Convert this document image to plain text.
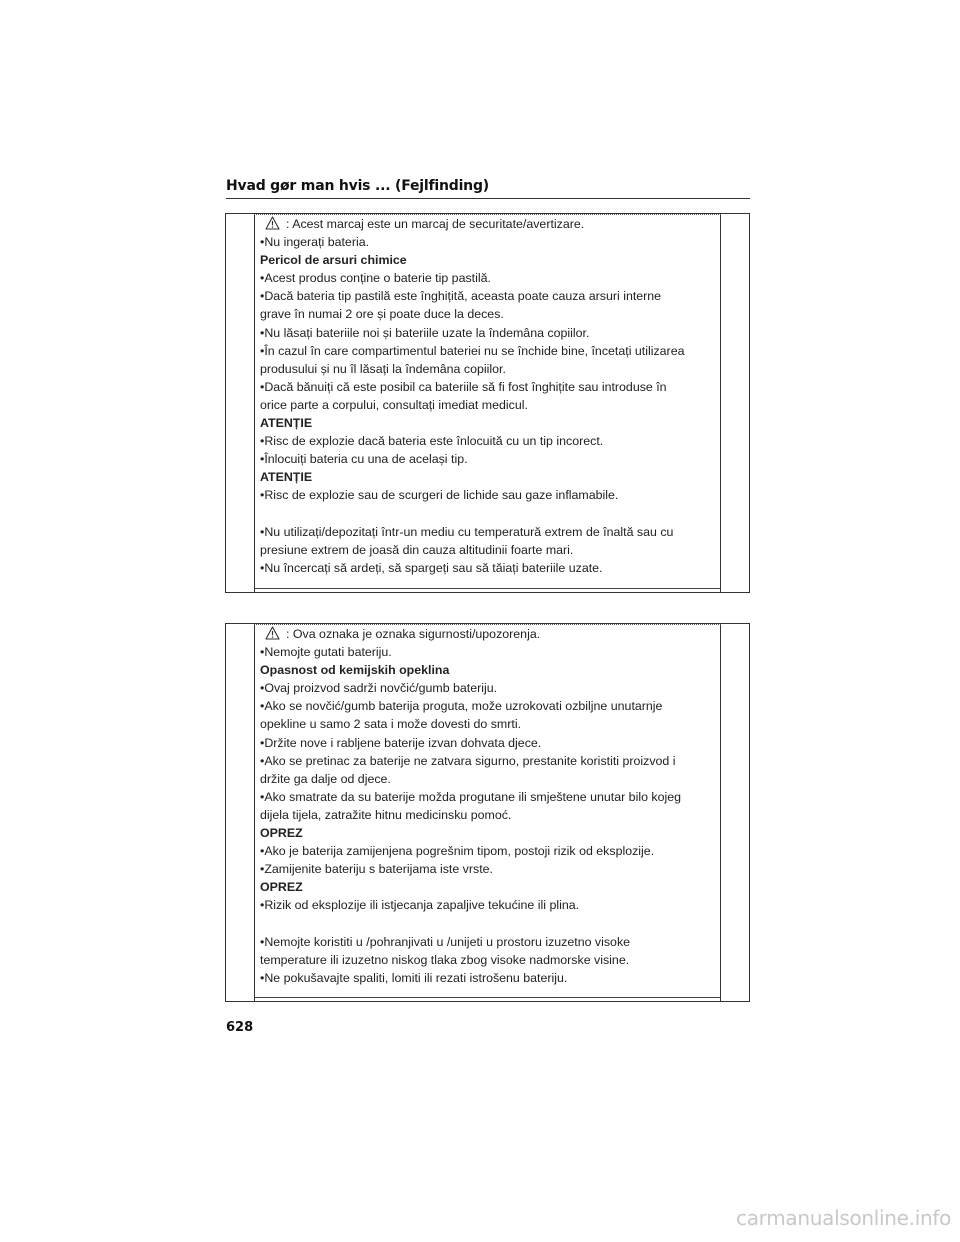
Hvad gør man hvis ... (Fejlfinding)
: Acest marcaj este un marcaj de securitate/avertizare.
•Nu ingerați bateria.
Pericol de arsuri chimice
•Acest produs conține o baterie tip pastilă.
•Dacă bateria tip pastilă este înghițită, aceasta poate cauza arsuri interne
grave în numai 2 ore și poate duce la deces.
•Nu lăsați bateriile noi și bateriile uzate la îndemâna copiilor.
•În cazul în care compartimentul bateriei nu se închide bine, încetați utilizarea
produsului și nu îl lăsați la îndemâna copiilor.
•Dacă bănuiți că este posibil ca bateriile să fi fost înghițite sau introduse în
orice parte a corpului, consultați imediat medicul.
ATENȚIE
•Risc de explozie dacă bateria este înlocuită cu un tip incorect.
•Înlocuiți bateria cu una de același tip.
ATENȚIE
•Risc de explozie sau de scurgeri de lichide sau gaze inflamabile.
•Nu utilizați/depozitați într-un mediu cu temperatură extrem de înaltă sau cu
presiune extrem de joasă din cauza altitudinii foarte mari.
•Nu încercați să ardeți, să spargeți sau să tăiați bateriile uzate.
: Ova oznaka je oznaka sigurnosti/upozorenja.
•Nemojte gutati bateriju.
Opasnost od kemijskih opeklina
•Ovaj proizvod sadrži novčić/gumb bateriju.
•Ako se novčić/gumb baterija proguta, može uzrokovati ozbiljne unutarnje
opekline u samo 2 sata i može dovesti do smrti.
•Držite nove i rabljene baterije izvan dohvata djece.
•Ako se pretinac za baterije ne zatvara sigurno, prestanite koristiti proizvod i
držite ga dalje od djece.
•Ako smatrate da su baterije možda progutane ili smještene unutar bilo kojeg
dijela tijela, zatražite hitnu medicinsku pomoć.
OPREZ
•Ako je baterija zamijenjena pogrešnim tipom, postoji rizik od eksplozije.
•Zamijenite bateriju s baterijama iste vrste.
OPREZ
•Rizik od eksplozije ili istjecanja zapaljive tekućine ili plina.
•Nemojte koristiti u /pohranjivati u /unijeti u prostoru izuzetno visoke
temperature ili izuzetno niskog tlaka zbog visoke nadmorske visine.
•Ne pokušavajte spaliti, lomiti ili rezati istrošenu bateriju.
628
carmanualsonline.info
